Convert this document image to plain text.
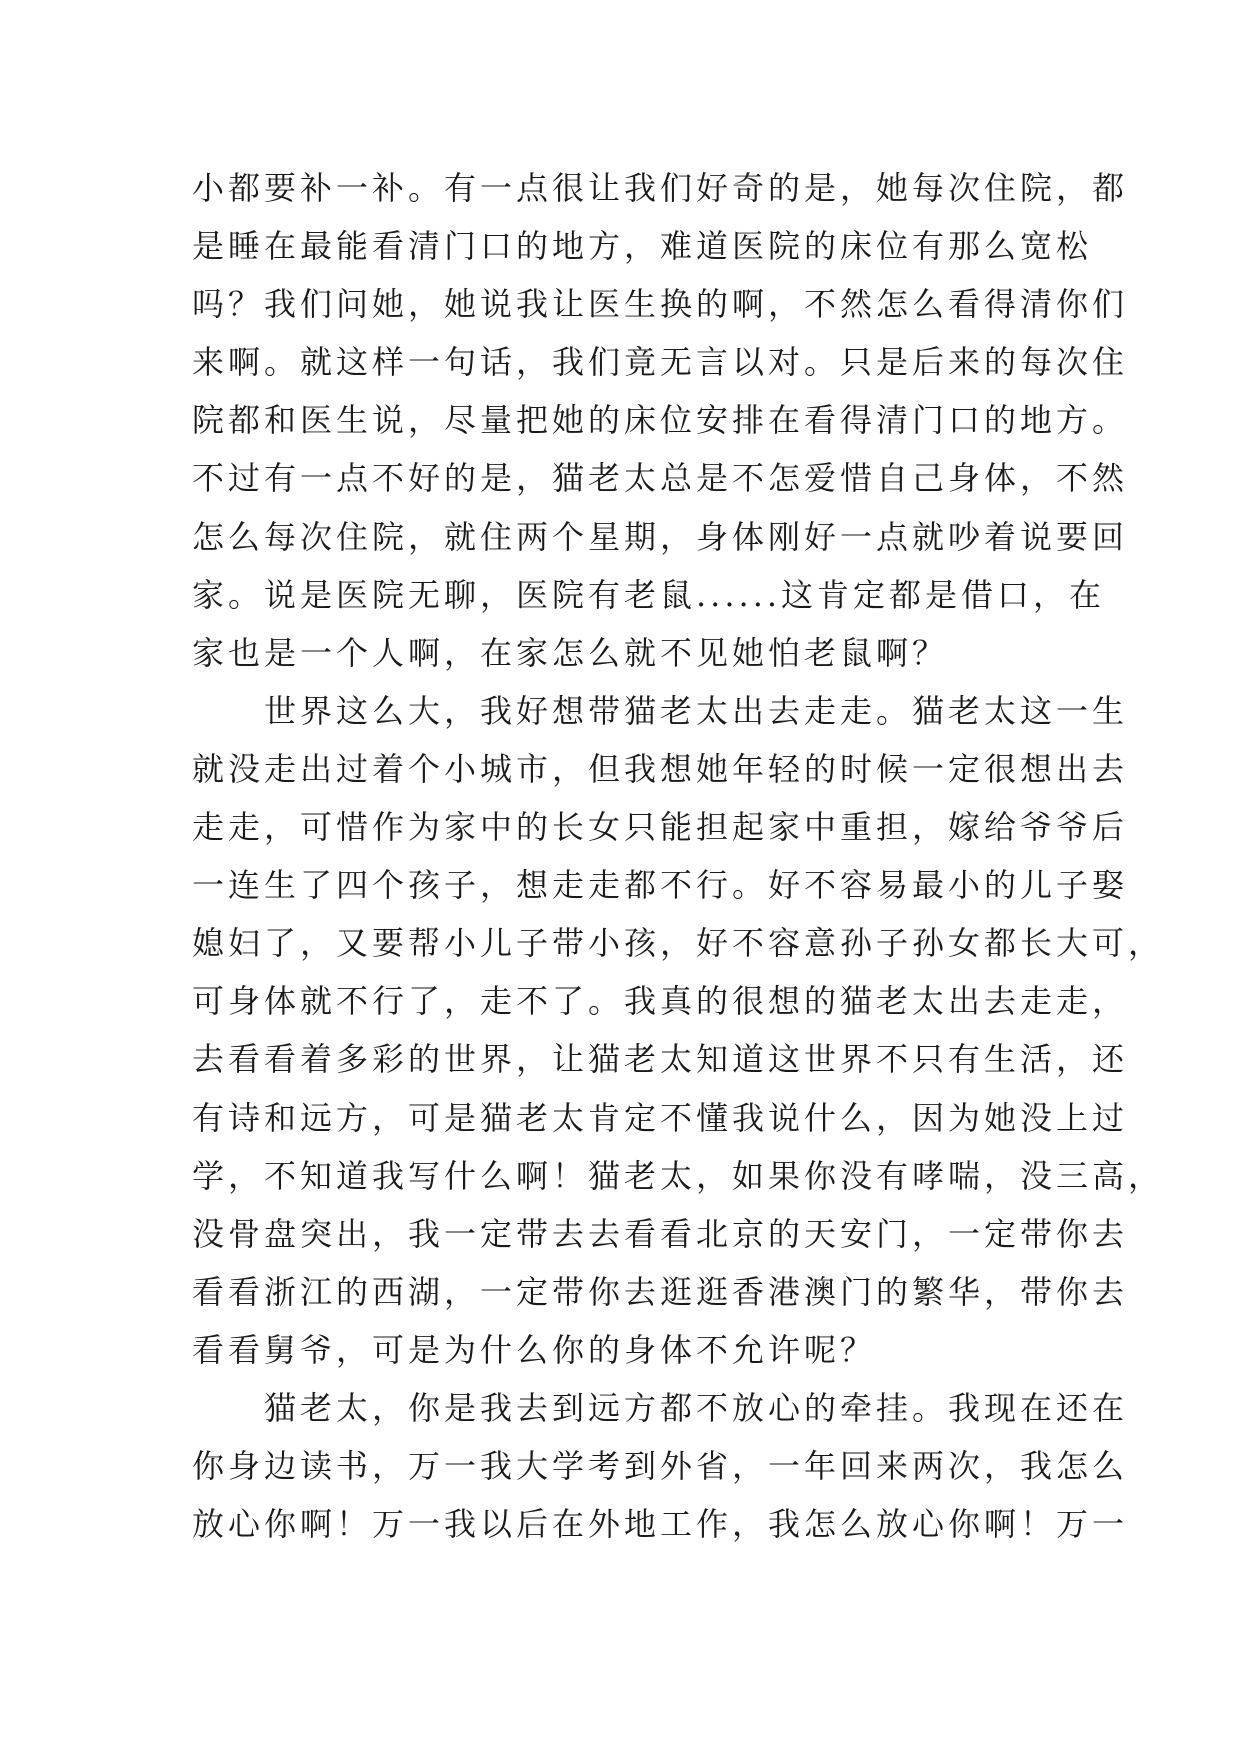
小都要补一补。有一点很让我们好奇的是，她每次住院，都
是睡在最能看清门口的地方，难道医院的床位有那么宽松
吗？我们问她，她说我让医生换的啊，不然怎么看得清你们
来啊。就这样一句话，我们竟无言以对。只是后来的每次住
院都和医生说，尽量把她的床位安排在看得清门口的地方。
不过有一点不好的是，猫老太总是不怎爱惜自己身体，不然
怎么每次住院，就住两个星期，身体刚好一点就吵着说要回
家。说是医院无聊，医院有老鼠......这肯定都是借口，在
家也是一个人啊，在家怎么就不见她怕老鼠啊？
世界这么大，我好想带猫老太出去走走。猫老太这一生
就没走出过着个小城市，但我想她年轻的时候一定很想出去
走走，可惜作为家中的长女只能担起家中重担，嫁给爷爷后
一连生了四个孩子，想走走都不行。好不容易最小的儿子娶
媳妇了，又要帮小儿子带小孩，好不容意孙子孙女都长大可，
可身体就不行了，走不了。我真的很想的猫老太出去走走，
去看看着多彩的世界，让猫老太知道这世界不只有生活，还
有诗和远方，可是猫老太肯定不懂我说什么，因为她没上过
学，不知道我写什么啊！猫老太，如果你没有哮喘，没三高，
没骨盘突出，我一定带去去看看北京的天安门，一定带你去
看看浙江的西湖，一定带你去逛逛香港澳门的繁华，带你去
看看舅爷，可是为什么你的身体不允许呢？
猫老太，你是我去到远方都不放心的牵挂。我现在还在
你身边读书，万一我大学考到外省，一年回来两次，我怎么
放心你啊！万一我以后在外地工作，我怎么放心你啊！万一
